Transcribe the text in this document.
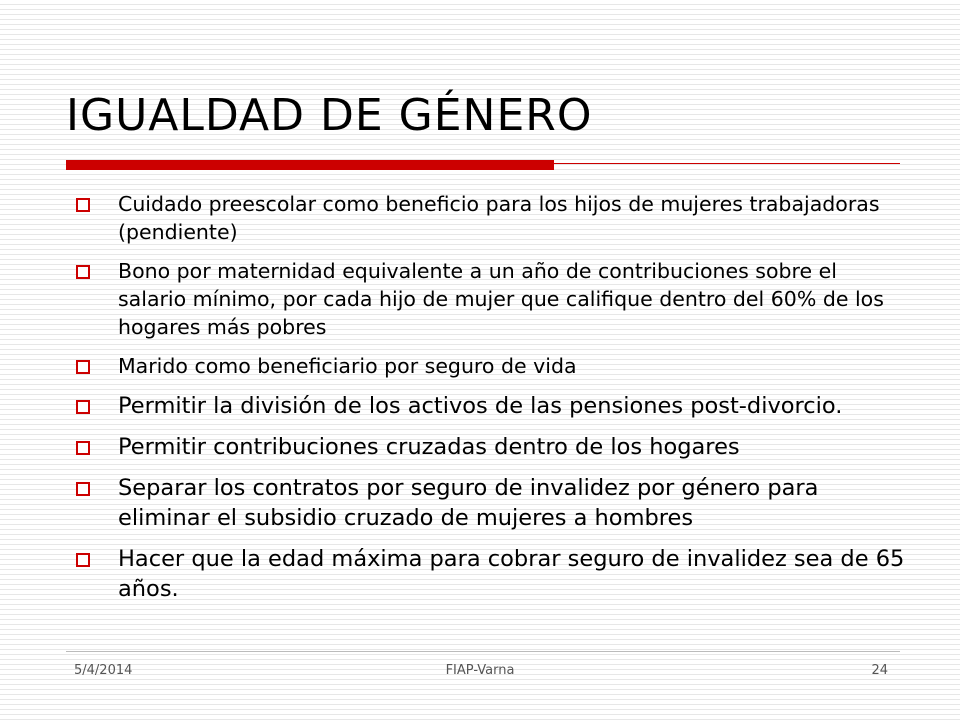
IGUALDAD DE GÉNERO
Cuidado preescolar como beneficio para los hijos de mujeres trabajadoras (pendiente)
Bono por maternidad equivalente a un año de contribuciones sobre el salario mínimo, por cada hijo de mujer que califique dentro del 60% de los hogares más pobres
Marido como beneficiario por seguro de vida
Permitir la división de los activos de las pensiones post-divorcio.
Permitir contribuciones cruzadas dentro de los hogares
Separar los contratos por seguro de invalidez por género para eliminar el subsidio cruzado de mujeres a hombres
Hacer que la edad máxima para cobrar seguro de invalidez sea de 65 años.
5/4/2014	FIAP-Varna	24
